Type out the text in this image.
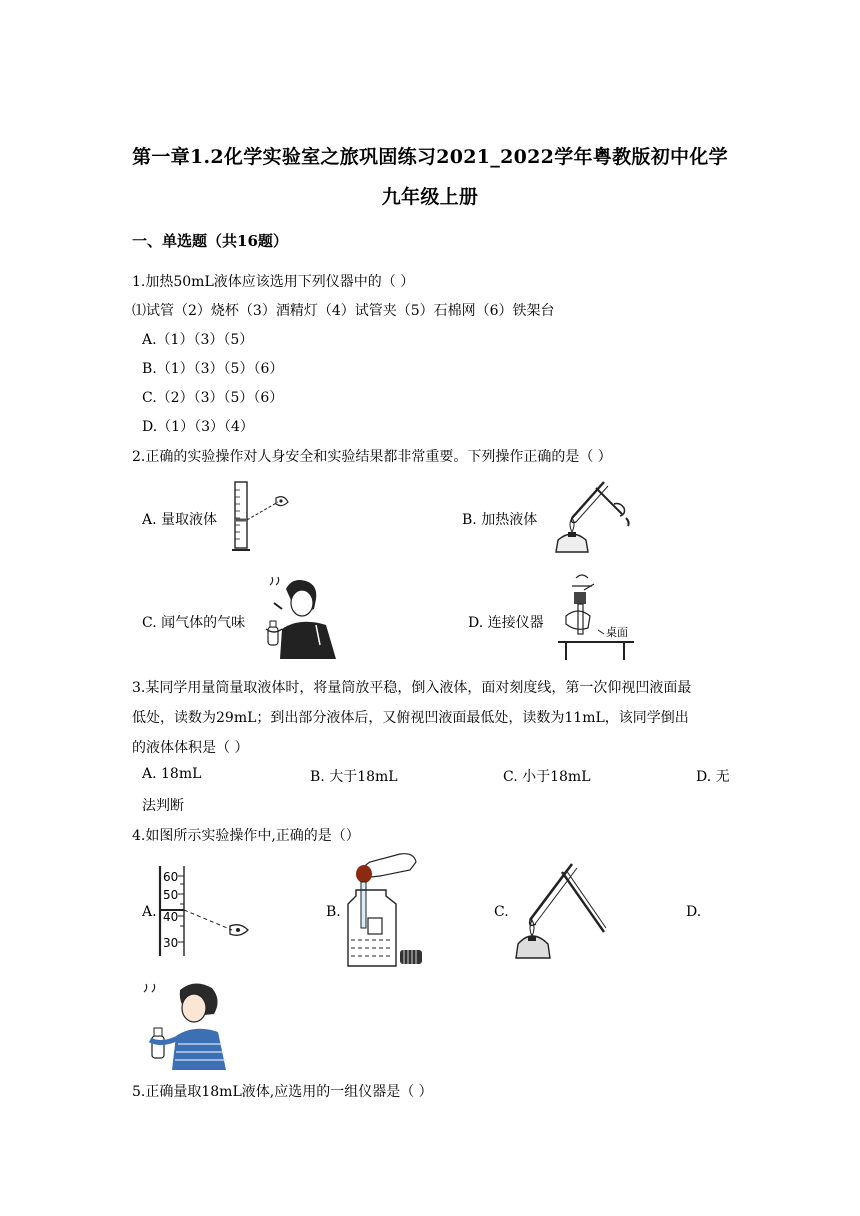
第一章1.2化学实验室之旅巩固练习2021_2022学年粤教版初中化学
九年级上册
一、单选题（共16题）
1.加热50mL液体应该选用下列仪器中的（ ）
⑴试管（2）烧杯（3）酒精灯（4）试管夹（5）石棉网（6）铁架台
A.（1）（3）（5）
B.（1）（3）（5）（6）
C.（2）（3）（5）（6）
D.（1）（3）（4）
2.正确的实验操作对人身安全和实验结果都非常重要。下列操作正确的是（ ）
A. 量取液体	B. 加热液体
C. 闻气体的气味	D. 连接仪器
桌面
3.某同学用量筒量取液体时，将量筒放平稳，倒入液体，面对刻度线，第一次仰视凹液面最
低处，读数为29mL；到出部分液体后，又俯视凹液面最低处，读数为11mL，该同学倒出
的液体体积是（ ）
A. 18mL	B. 大于18mL	C. 小于18mL	D. 无
法判断
4.如图所示实验操作中,正确的是（）
A.
60
50
40
30
B.	C.	D.
5.正确量取18mL液体,应选用的一组仪器是（ ）
